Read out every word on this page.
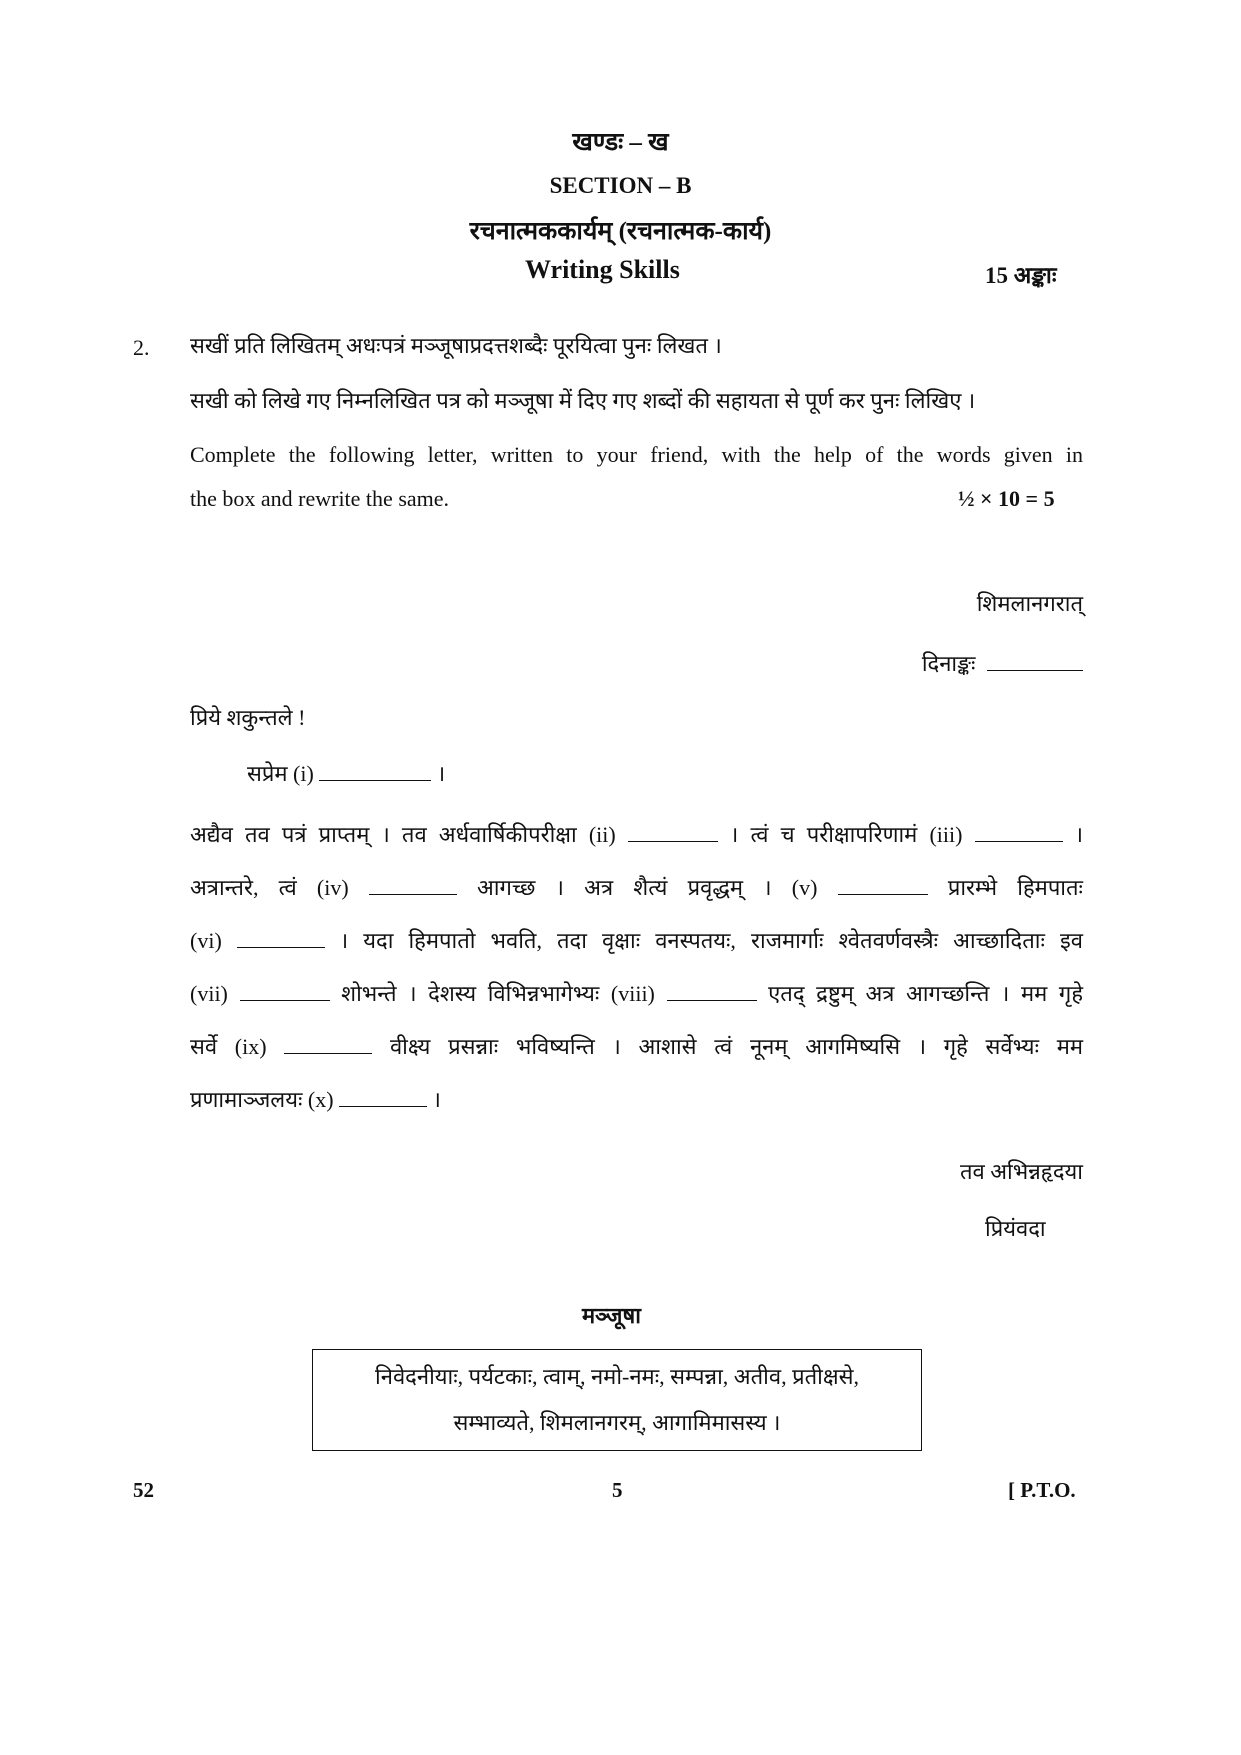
खण्डः – ख
SECTION – B
रचनात्मककार्यम् (रचनात्मक-कार्य)
Writing Skills	15 अङ्काः
2. सखीं प्रति लिखितम् अधःपत्रं मञ्जूषाप्रदत्तशब्दैः पूरयित्वा पुनः लिखत ।
सखी को लिखे गए निम्नलिखित पत्र को मञ्जूषा में दिए गए शब्दों की सहायता से पूर्ण कर पुनः लिखिए ।
Complete the following letter, written to your friend, with the help of the words given in
the box and rewrite the same.	½ × 10 = 5
शिमलानगरात्
दिनाङ्कः
प्रिये शकुन्तले !
सप्रेम (i)	।
अद्यैव तव पत्रं प्राप्तम् । तव अर्धवार्षिकीपरीक्षा (ii)	। त्वं च परीक्षापरिणामं (iii)	।
अत्रान्तरे, त्वं (iv)	आगच्छ । अत्र शैत्यं प्रवृद्धम् । (v)	प्रारम्भे हिमपातः
(vi)	। यदा हिमपातो भवति, तदा वृक्षाः वनस्पतयः, राजमार्गाः श्वेतवर्णवस्त्रैः आच्छादिताः इव
(vii)	शोभन्ते । देशस्य विभिन्नभागेभ्यः (viii)	एतद् द्रष्टुम् अत्र आगच्छन्ति । मम गृहे
सर्वे (ix)	वीक्ष्य प्रसन्नाः भविष्यन्ति । आशासे त्वं नूनम् आगमिष्यसि । गृहे सर्वेभ्यः मम
प्रणामाञ्जलयः (x)	।
तव अभिन्नहृदया
प्रियंवदा
मञ्जूषा
निवेदनीयाः, पर्यटकाः, त्वाम्, नमो-नमः, सम्पन्ना, अतीव, प्रतीक्षसे,
सम्भाव्यते, शिमलानगरम्, आगामिमासस्य ।
52	5	[ P.T.O.
